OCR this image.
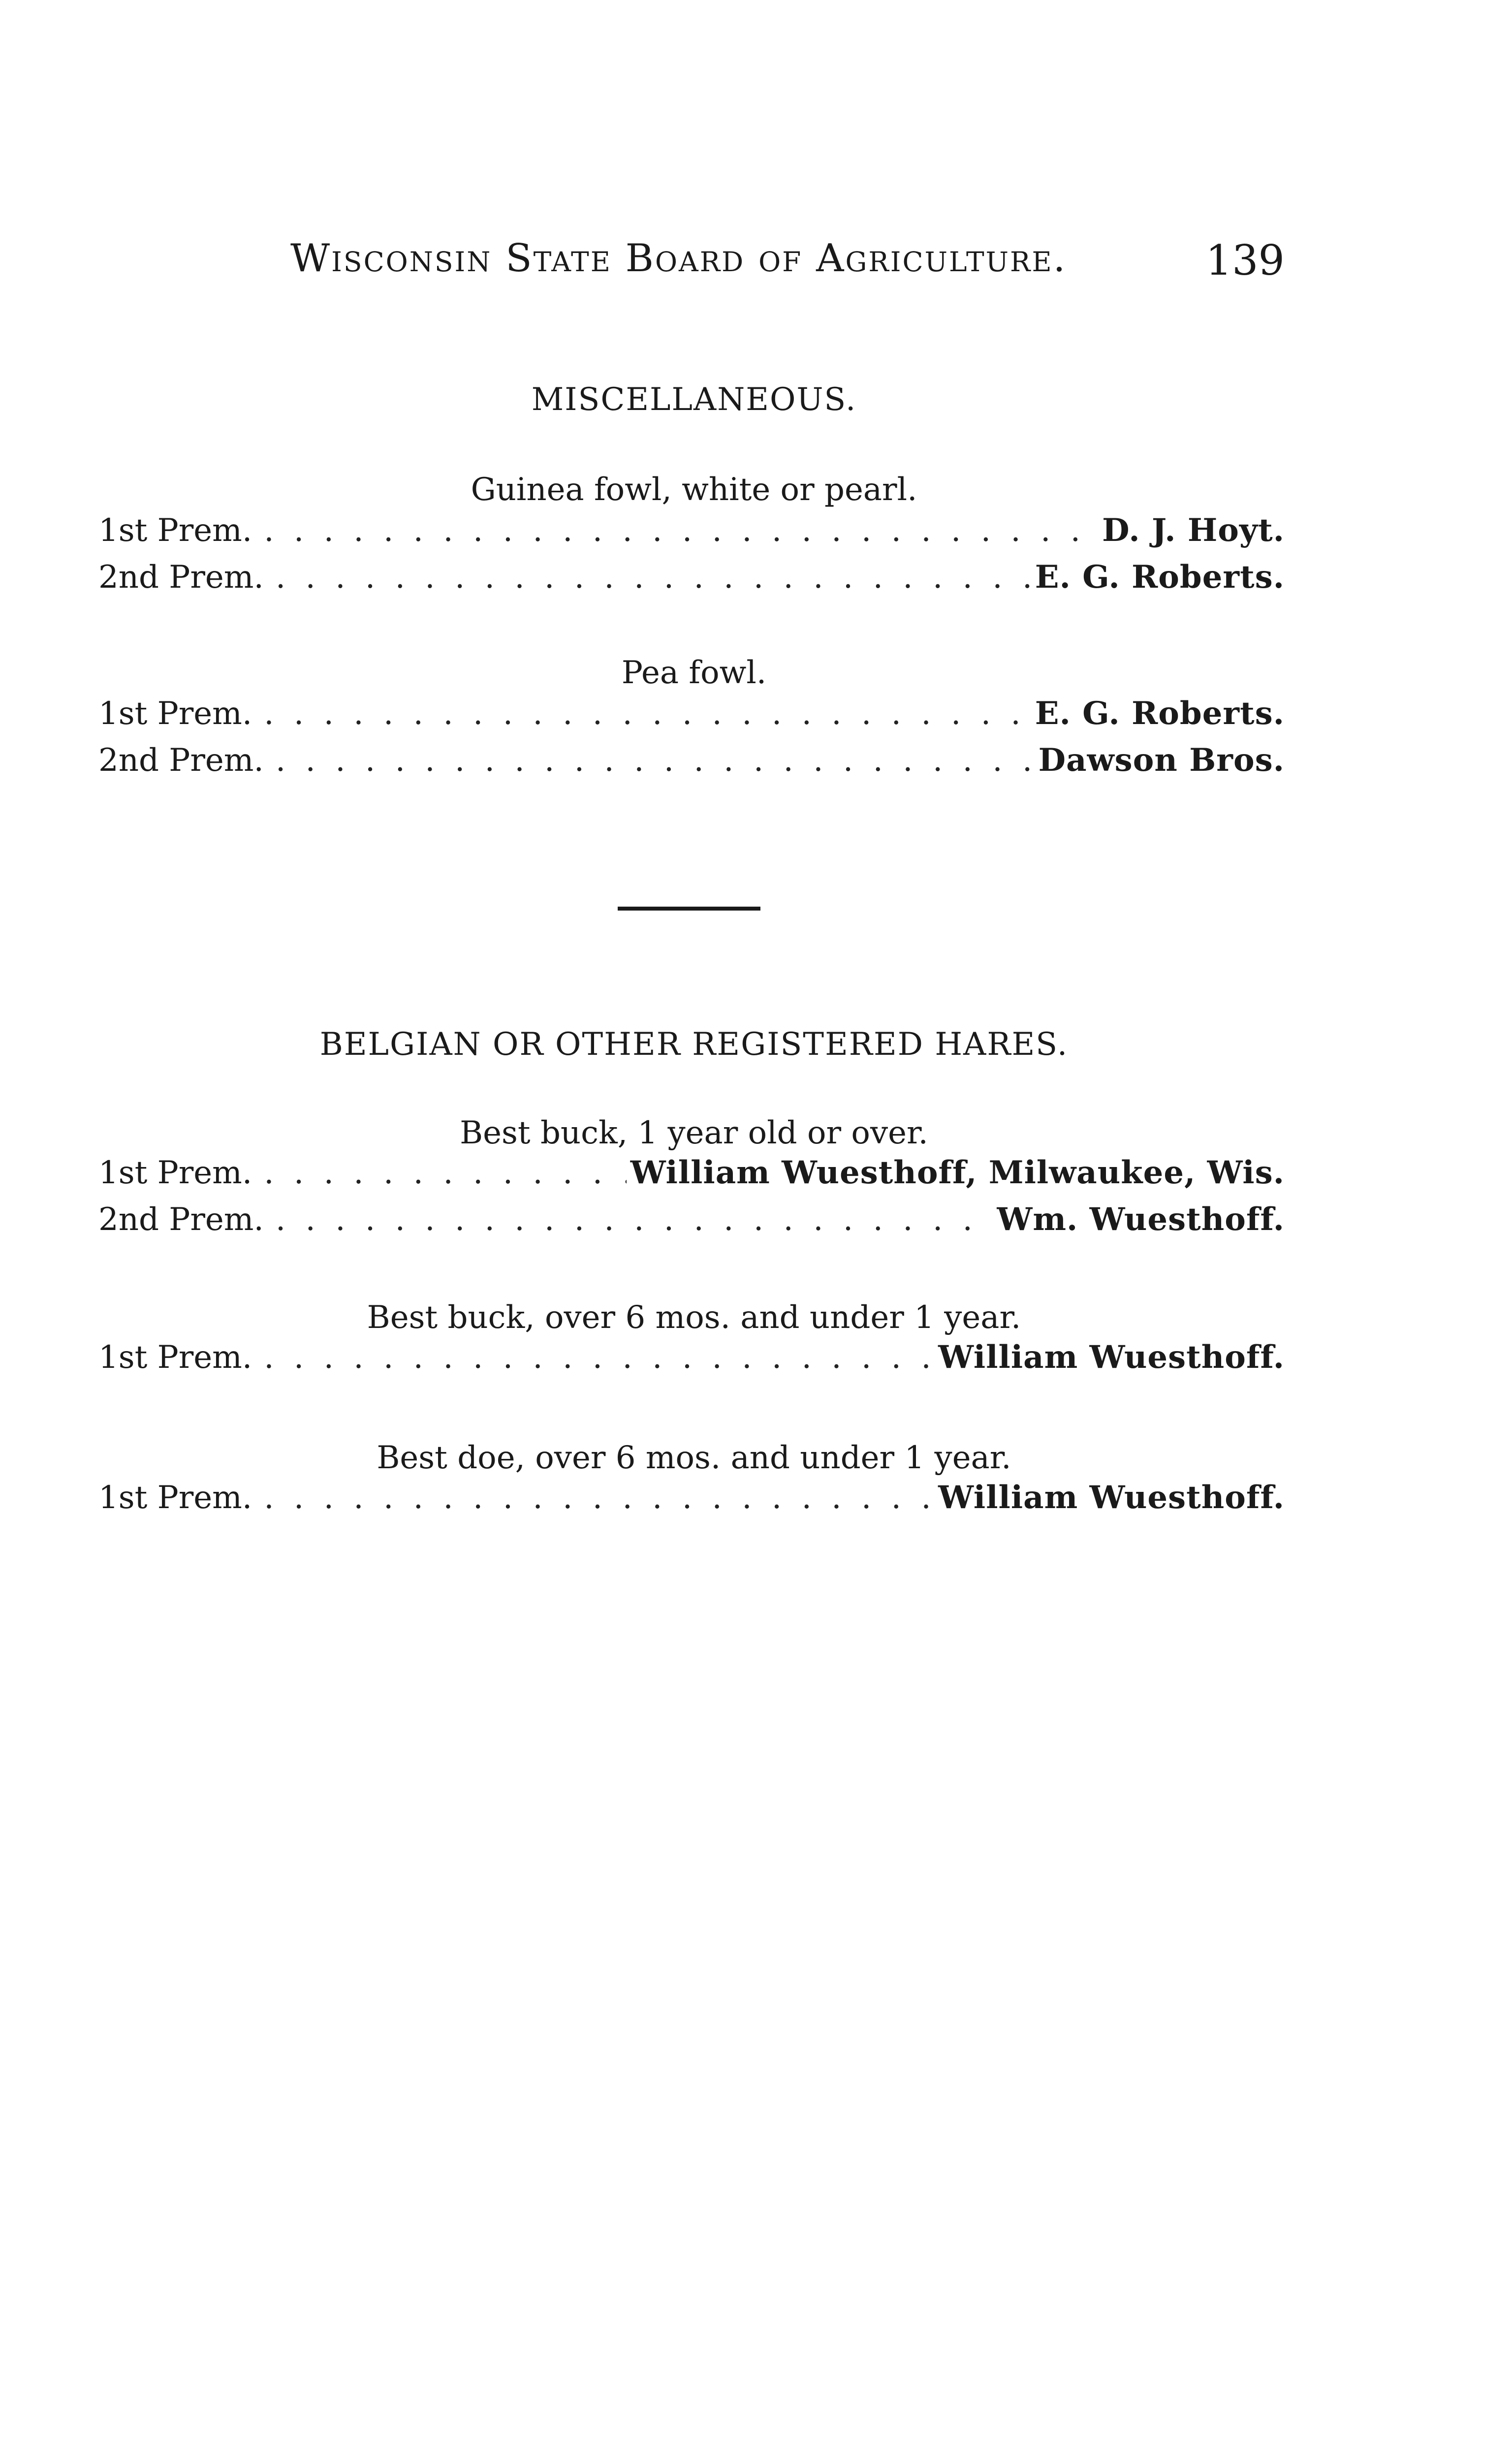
Wisconsin State Board of Agriculture.	139
MISCELLANEOUS.
Guinea fowl, white or pearl.
1st Prem. . . .	D. J. Hoyt.
2nd Prem. . . .	E. G. Roberts.
Pea fowl.
1st Prem. . . .	E. G. Roberts.
2nd Prem. . . .	Dawson Bros.
BELGIAN OR OTHER REGISTERED HARES.
Best buck, 1 year old or over.
1st Prem. . . .	William Wuesthoff, Milwaukee, Wis.
2nd Prem. . . .	Wm. Wuesthoff.
Best buck, over 6 mos. and under 1 year.
1st Prem. . . .	William Wuesthoff.
Best doe, over 6 mos. and under 1 year.
1st Prem. . . .	William Wuesthoff.
